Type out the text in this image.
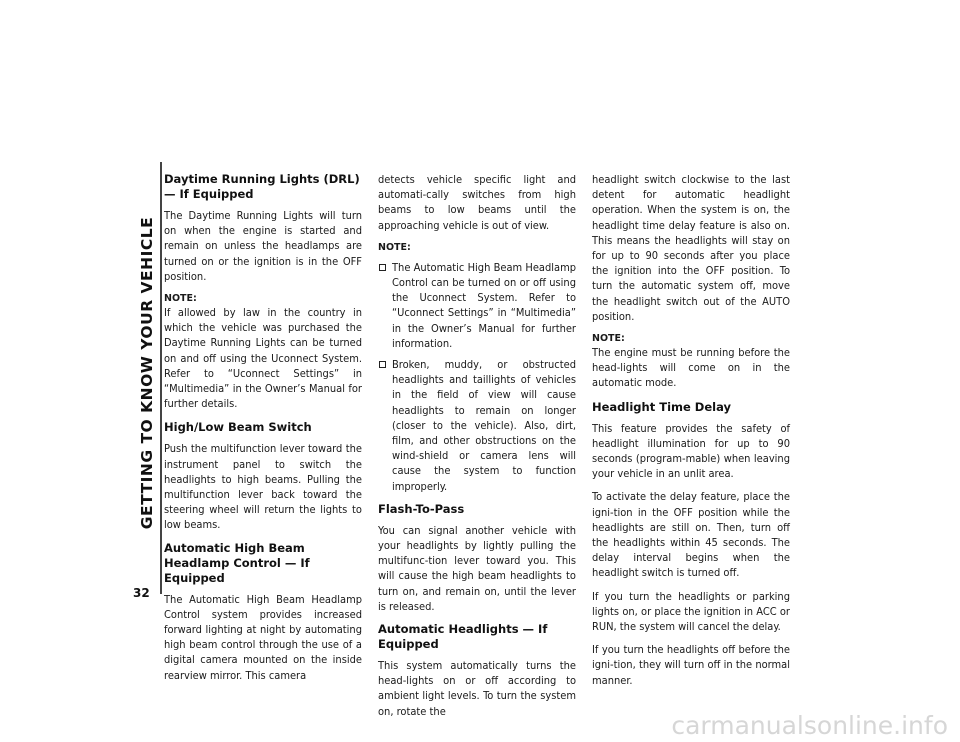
GETTING TO KNOW YOUR VEHICLE
32
Daytime Running Lights (DRL) — If Equipped

The Daytime Running Lights will turn on when the engine is started and remain on unless the headlamps are turned on or the ignition is in the OFF position.

NOTE:

If allowed by law in the country in which the vehicle was purchased the Daytime Running Lights can be turned on and off using the Uconnect System. Refer to “Uconnect Settings” in “Multimedia” in the Owner’s Manual for further details.

High/Low Beam Switch

Push the multifunction lever toward the instrument panel to switch the headlights to high beams. Pulling the multifunction lever back toward the steering wheel will return the lights to low beams.

Automatic High Beam Headlamp Control — If Equipped

The Automatic High Beam Headlamp Control system provides increased forward lighting at night by automating high beam control through the use of a digital camera mounted on the inside rearview mirror. This camera

detects vehicle specific light and automati-cally switches from high beams to low beams until the approaching vehicle is out of view.

NOTE:
The Automatic High Beam Headlamp Control can be turned on or off using the Uconnect System. Refer to “Uconnect Settings” in “Multimedia” in the Owner’s Manual for further information.
Broken, muddy, or obstructed headlights and taillights of vehicles in the field of view will cause headlights to remain on longer (closer to the vehicle). Also, dirt, film, and other obstructions on the wind-shield or camera lens will cause the system to function improperly.
Flash-To-Pass

You can signal another vehicle with your headlights by lightly pulling the multifunc-tion lever toward you. This will cause the high beam headlights to turn on, and remain on, until the lever is released.

Automatic Headlights — If Equipped

This system automatically turns the head-lights on or off according to ambient light levels. To turn the system on, rotate the

headlight switch clockwise to the last detent for automatic headlight operation. When the system is on, the headlight time delay feature is also on. This means the headlights will stay on for up to 90 seconds after you place the ignition into the OFF position. To turn the automatic system off, move the headlight switch out of the AUTO position.

NOTE:

The engine must be running before the head-lights will come on in the automatic mode.

Headlight Time Delay

This feature provides the safety of headlight illumination for up to 90 seconds (program-mable) when leaving your vehicle in an unlit area.

To activate the delay feature, place the igni-tion in the OFF position while the headlights are still on. Then, turn off the headlights within 45 seconds. The delay interval begins when the headlight switch is turned off.

If you turn the headlights or parking lights on, or place the ignition in ACC or RUN, the system will cancel the delay.

If you turn the headlights off before the igni-tion, they will turn off in the normal manner.

carmanualsonline.info
